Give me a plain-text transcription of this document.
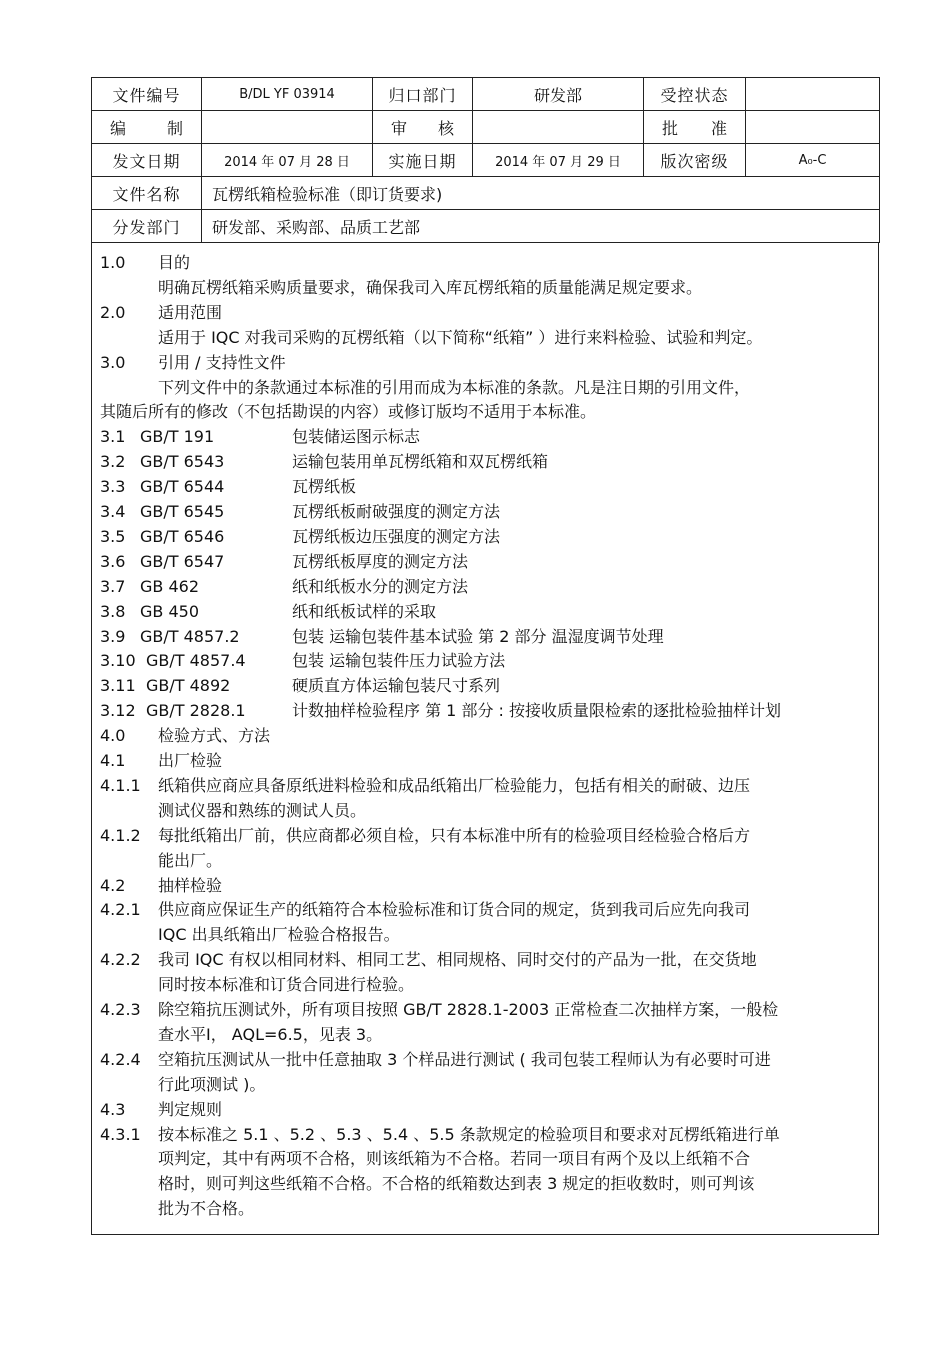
文件编号	B/DL YF 03914	归口部门	研发部	受控状态	

编 制		审 核		批 准	

发文日期	2014 年 07 月 28 日	实施日期	2014 年 07 月 29 日	版次密级	A₀-C
文件名称	瓦楞纸箱检验标准（即订货要求)				
分发部门	研发部、采购部、品质工艺部				
1.0 目的
明确瓦楞纸箱采购质量要求，确保我司入库瓦楞纸箱的质量能满足规定要求。
2.0 适用范围
适用于 IQC 对我司采购的瓦楞纸箱（以下简称“纸箱” ）进行来料检验、试验和判定。
3.0 引用 / 支持性文件
下列文件中的条款通过本标准的引用而成为本标准的条款。凡是注日期的引用文件，
其随后所有的修改（不包括勘误的内容）或修订版均不适用于本标准。
3.1 GB/T 191	包装储运图示标志
3.2 GB/T 6543	运输包装用单瓦楞纸箱和双瓦楞纸箱
3.3 GB/T 6544	瓦楞纸板
3.4 GB/T 6545	瓦楞纸板耐破强度的测定方法
3.5 GB/T 6546	瓦楞纸板边压强度的测定方法
3.6 GB/T 6547	瓦楞纸板厚度的测定方法
3.7 GB 462	纸和纸板水分的测定方法
3.8 GB 450	纸和纸板试样的采取
3.9 GB/T 4857.2	包装 运输包装件基本试验 第 2 部分 温湿度调节处理
3.10 GB/T 4857.4	包装 运输包装件压力试验方法
3.11 GB/T 4892	硬质直方体运输包装尺寸系列
3.12 GB/T 2828.1	计数抽样检验程序 第 1 部分 : 按接收质量限检索的逐批检验抽样计划
4.0 检验方式、方法
4.1 出厂检验
4.1.1 纸箱供应商应具备原纸进料检验和成品纸箱出厂检验能力，包括有相关的耐破、边压
测试仪器和熟练的测试人员。
4.1.2 每批纸箱出厂前，供应商都必须自检，只有本标准中所有的检验项目经检验合格后方
能出厂。
4.2 抽样检验
4.2.1 供应商应保证生产的纸箱符合本检验标准和订货合同的规定，货到我司后应先向我司
IQC 出具纸箱出厂检验合格报告。
4.2.2 我司 IQC 有权以相同材料、相同工艺、相同规格、同时交付的产品为一批，在交货地
同时按本标准和订货合同进行检验。
4.2.3 除空箱抗压测试外，所有项目按照 GB/T 2828.1-2003 正常检查二次抽样方案，一般检
查水平Ⅰ， AQL=6.5，见表 3。
4.2.4 空箱抗压测试从一批中任意抽取 3 个样品进行测试 ( 我司包装工程师认为有必要时可进
行此项测试 )。
4.3 判定规则
4.3.1 按本标准之 5.1 、5.2 、5.3 、5.4 、5.5 条款规定的检验项目和要求对瓦楞纸箱进行单
项判定，其中有两项不合格，则该纸箱为不合格。若同一项目有两个及以上纸箱不合
格时，则可判这些纸箱不合格。不合格的纸箱数达到表 3 规定的拒收数时，则可判该
批为不合格。
